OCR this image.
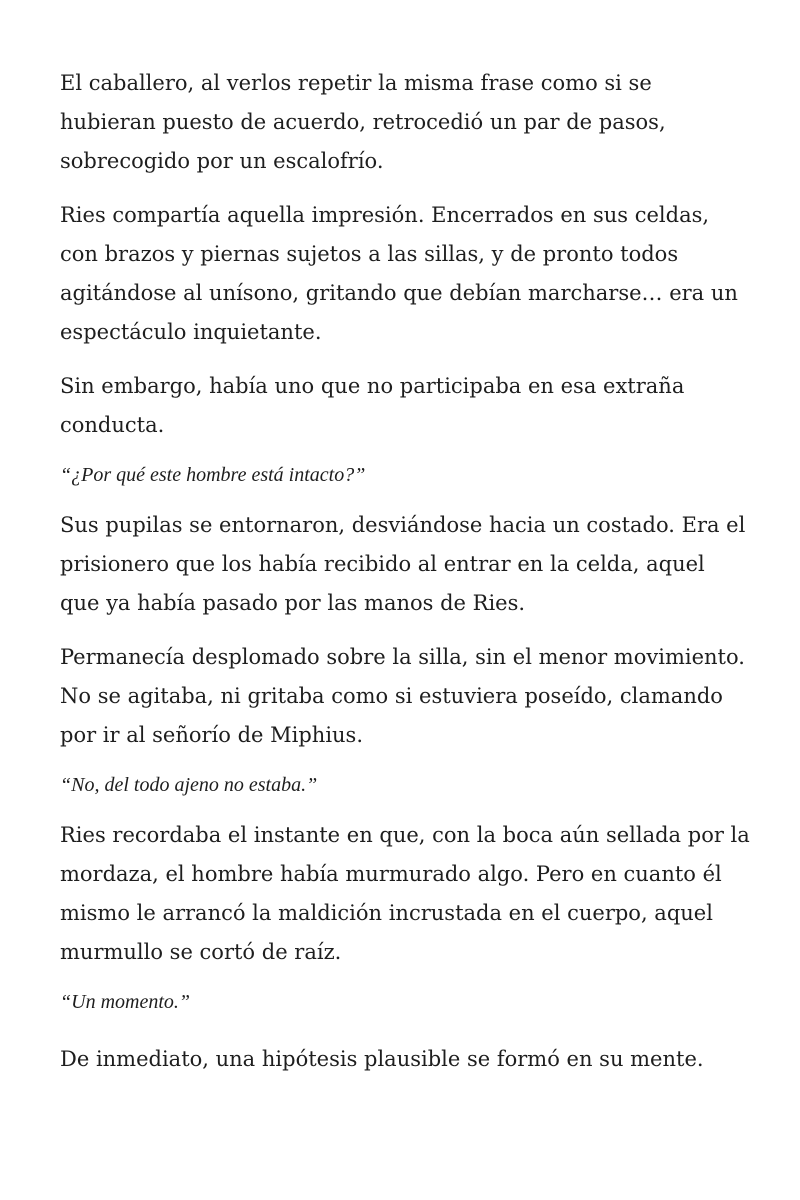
El caballero, al verlos repetir la misma frase como si se hubieran puesto de acuerdo, retrocedió un par de pasos, sobrecogido por un escalofrío.

Ries compartía aquella impresión. Encerrados en sus celdas, con brazos y piernas sujetos a las sillas, y de pronto todos agitándose al unísono, gritando que debían marcharse… era un espectáculo inquietante.

Sin embargo, había uno que no participaba en esa extraña conducta.

“¿Por qué este hombre está intacto?”

Sus pupilas se entornaron, desviándose hacia un costado. Era el prisionero que los había recibido al entrar en la celda, aquel que ya había pasado por las manos de Ries.

Permanecía desplomado sobre la silla, sin el menor movimiento. No se agitaba, ni gritaba como si estuviera poseído, clamando por ir al señorío de Miphius.

“No, del todo ajeno no estaba.”

Ries recordaba el instante en que, con la boca aún sellada por la mordaza, el hombre había murmurado algo. Pero en cuanto él mismo le arrancó la maldición incrustada en el cuerpo, aquel murmullo se cortó de raíz.

“Un momento.”

De inmediato, una hipótesis plausible se formó en su mente.
